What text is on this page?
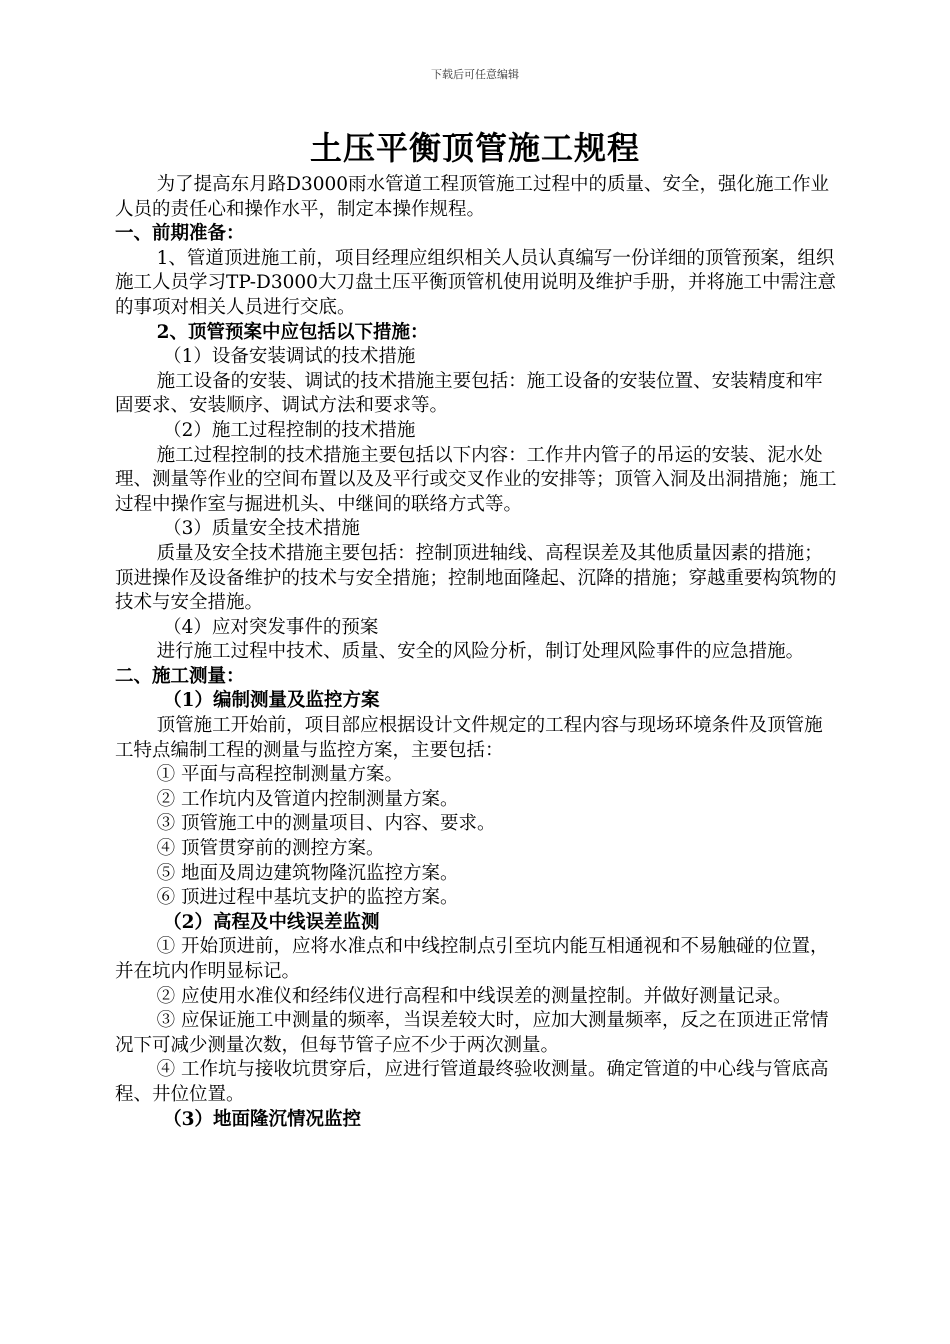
下载后可任意编辑
土压平衡顶管施工规程

为了提高东月路D3000雨水管道工程顶管施工过程中的质量、安全，强化施工作业人员的责任心和操作水平，制定本操作规程。

一、前期准备：

1、管道顶进施工前，项目经理应组织相关人员认真编写一份详细的顶管预案，组织施工人员学习TP-D3000大刀盘土压平衡顶管机使用说明及维护手册，并将施工中需注意的事项对相关人员进行交底。

2、顶管预案中应包括以下措施：

（1）设备安装调试的技术措施

施工设备的安装、调试的技术措施主要包括：施工设备的安装位置、安装精度和牢固要求、安装顺序、调试方法和要求等。

（2）施工过程控制的技术措施

施工过程控制的技术措施主要包括以下内容：工作井内管子的吊运的安装、泥水处理、测量等作业的空间布置以及及平行或交叉作业的安排等；顶管入洞及出洞措施；施工过程中操作室与掘进机头、中继间的联络方式等。

（3）质量安全技术措施

质量及安全技术措施主要包括：控制顶进轴线、高程误差及其他质量因素的措施；顶进操作及设备维护的技术与安全措施；控制地面隆起、沉降的措施；穿越重要构筑物的技术与安全措施。

（4）应对突发事件的预案

进行施工过程中技术、质量、安全的风险分析，制订处理风险事件的应急措施。

二、施工测量：

（1）编制测量及监控方案

顶管施工开始前，项目部应根据设计文件规定的工程内容与现场环境条件及顶管施工特点编制工程的测量与监控方案，主要包括：

① 平面与高程控制测量方案。

② 工作坑内及管道内控制测量方案。

③ 顶管施工中的测量项目、内容、要求。

④ 顶管贯穿前的测控方案。

⑤ 地面及周边建筑物隆沉监控方案。

⑥ 顶进过程中基坑支护的监控方案。

（2）高程及中线误差监测

① 开始顶进前，应将水准点和中线控制点引至坑内能互相通视和不易触碰的位置，并在坑内作明显标记。

② 应使用水准仪和经纬仪进行高程和中线误差的测量控制。并做好测量记录。

③ 应保证施工中测量的频率，当误差较大时，应加大测量频率，反之在顶进正常情况下可减少测量次数，但每节管子应不少于两次测量。

④ 工作坑与接收坑贯穿后，应进行管道最终验收测量。确定管道的中心线与管底高程、井位位置。

（3）地面隆沉情况监控
